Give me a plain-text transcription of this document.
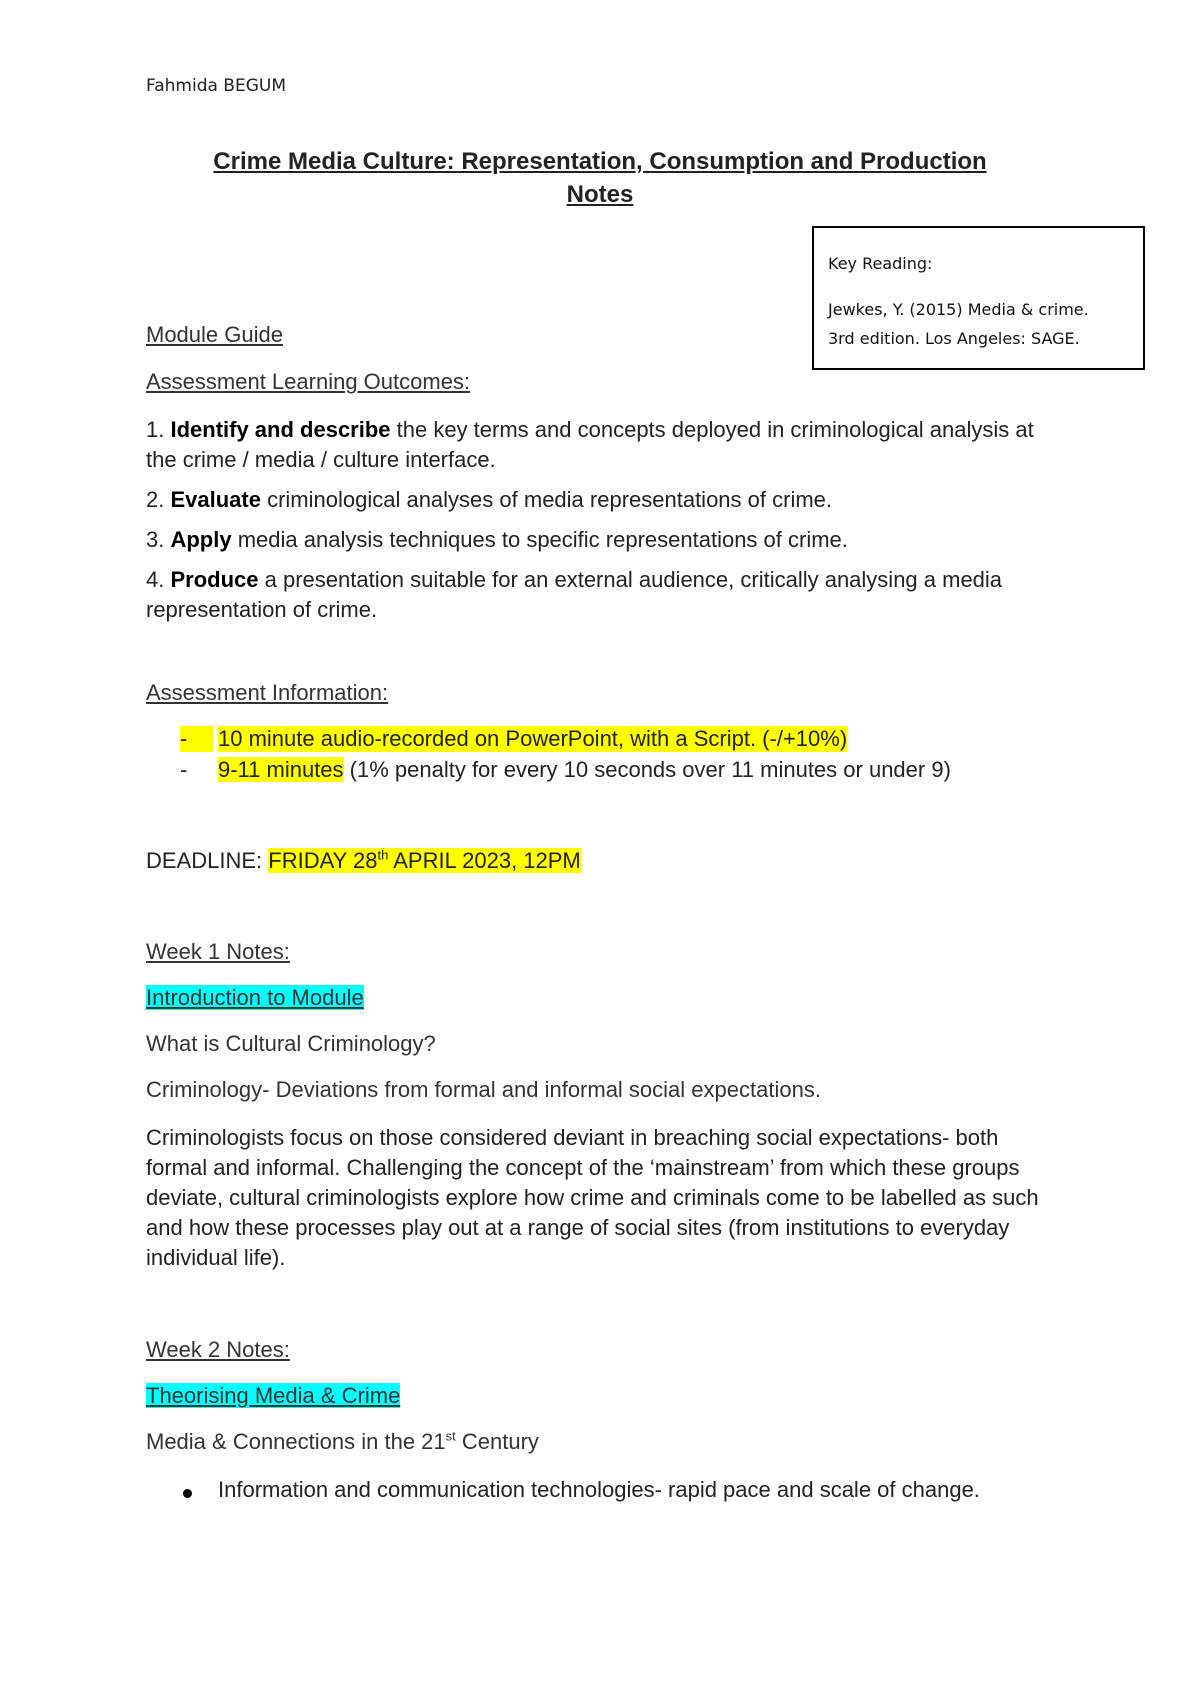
Fahmida BEGUM
Crime Media Culture: Representation, Consumption and Production
Notes
Key Reading:
Jewkes, Y. (2015) Media & crime.
3rd edition. Los Angeles: SAGE.
Module Guide
Assessment Learning Outcomes:
1. Identify and describe the key terms and concepts deployed in criminological analysis at the crime / media / culture interface.
2. Evaluate criminological analyses of media representations of crime.
3. Apply media analysis techniques to specific representations of crime.
4. Produce a presentation suitable for an external audience, critically analysing a media representation of crime.
Assessment Information:
-	10 minute audio-recorded on PowerPoint, with a Script. (-/+10%)
- 9-11 minutes (1% penalty for every 10 seconds over 11 minutes or under 9)
DEADLINE: FRIDAY 28th APRIL 2023, 12PM
Week 1 Notes:
Introduction to Module
What is Cultural Criminology?
Criminology- Deviations from formal and informal social expectations.
Criminologists focus on those considered deviant in breaching social expectations- both formal and informal. Challenging the concept of the ‘mainstream’ from which these groups deviate, cultural criminologists explore how crime and criminals come to be labelled as such and how these processes play out at a range of social sites (from institutions to everyday individual life).
Week 2 Notes:
Theorising Media & Crime
Media & Connections in the 21st Century
Information and communication technologies- rapid pace and scale of change.
